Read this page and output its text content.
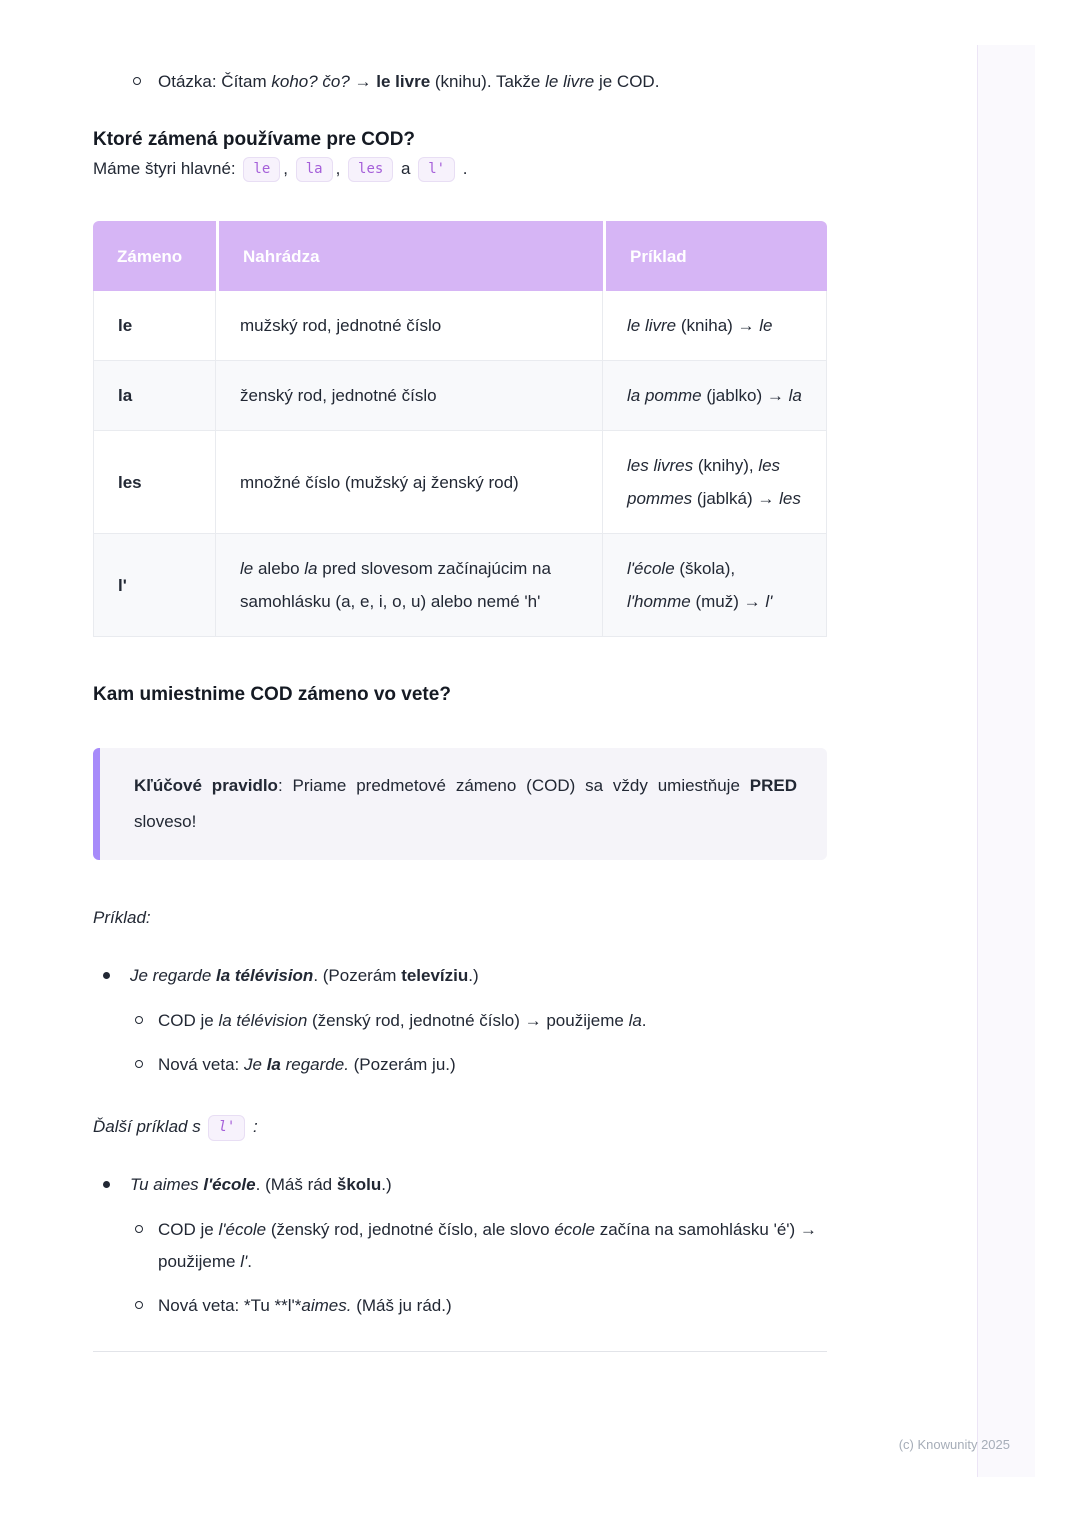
Otázka: Čítam koho? čo? → le livre (knihu). Takže le livre je COD.

Ktoré zámená používame pre COD?

Máme štyri hlavné: le , la , les a l' .

Zámeno	Nahrádza	Príklad
le	mužský rod, jednotné číslo	le livre (kniha) → le
la	ženský rod, jednotné číslo	la pomme (jablko) → la
les	množné číslo (mužský aj ženský rod)	les livres (knihy), les pommes (jablká) → les
l'	le alebo la pred slovesom začínajúcim na samohlásku (a, e, i, o, u) alebo nemé 'h'	l'école (škola), l'homme (muž) → l'
Kam umiestnime COD zámeno vo vete?

Kľúčové pravidlo: Priame predmetové zámeno (COD) sa vždy umiestňuje PRED sloveso!

Príklad:

Je regarde la télévision. (Pozerám televíziu.)

COD je la télévision (ženský rod, jednotné číslo) → použijeme la.

Nová veta: Je la regarde. (Pozerám ju.)

Ďalší príklad s l' :

Tu aimes l'école. (Máš rád školu.)

COD je l'école (ženský rod, jednotné číslo, ale slovo école začína na samohlásku 'é') → použijeme l'.

Nová veta: *Tu **l'*aimes. (Máš ju rád.)

(c) Knowunity 2025
